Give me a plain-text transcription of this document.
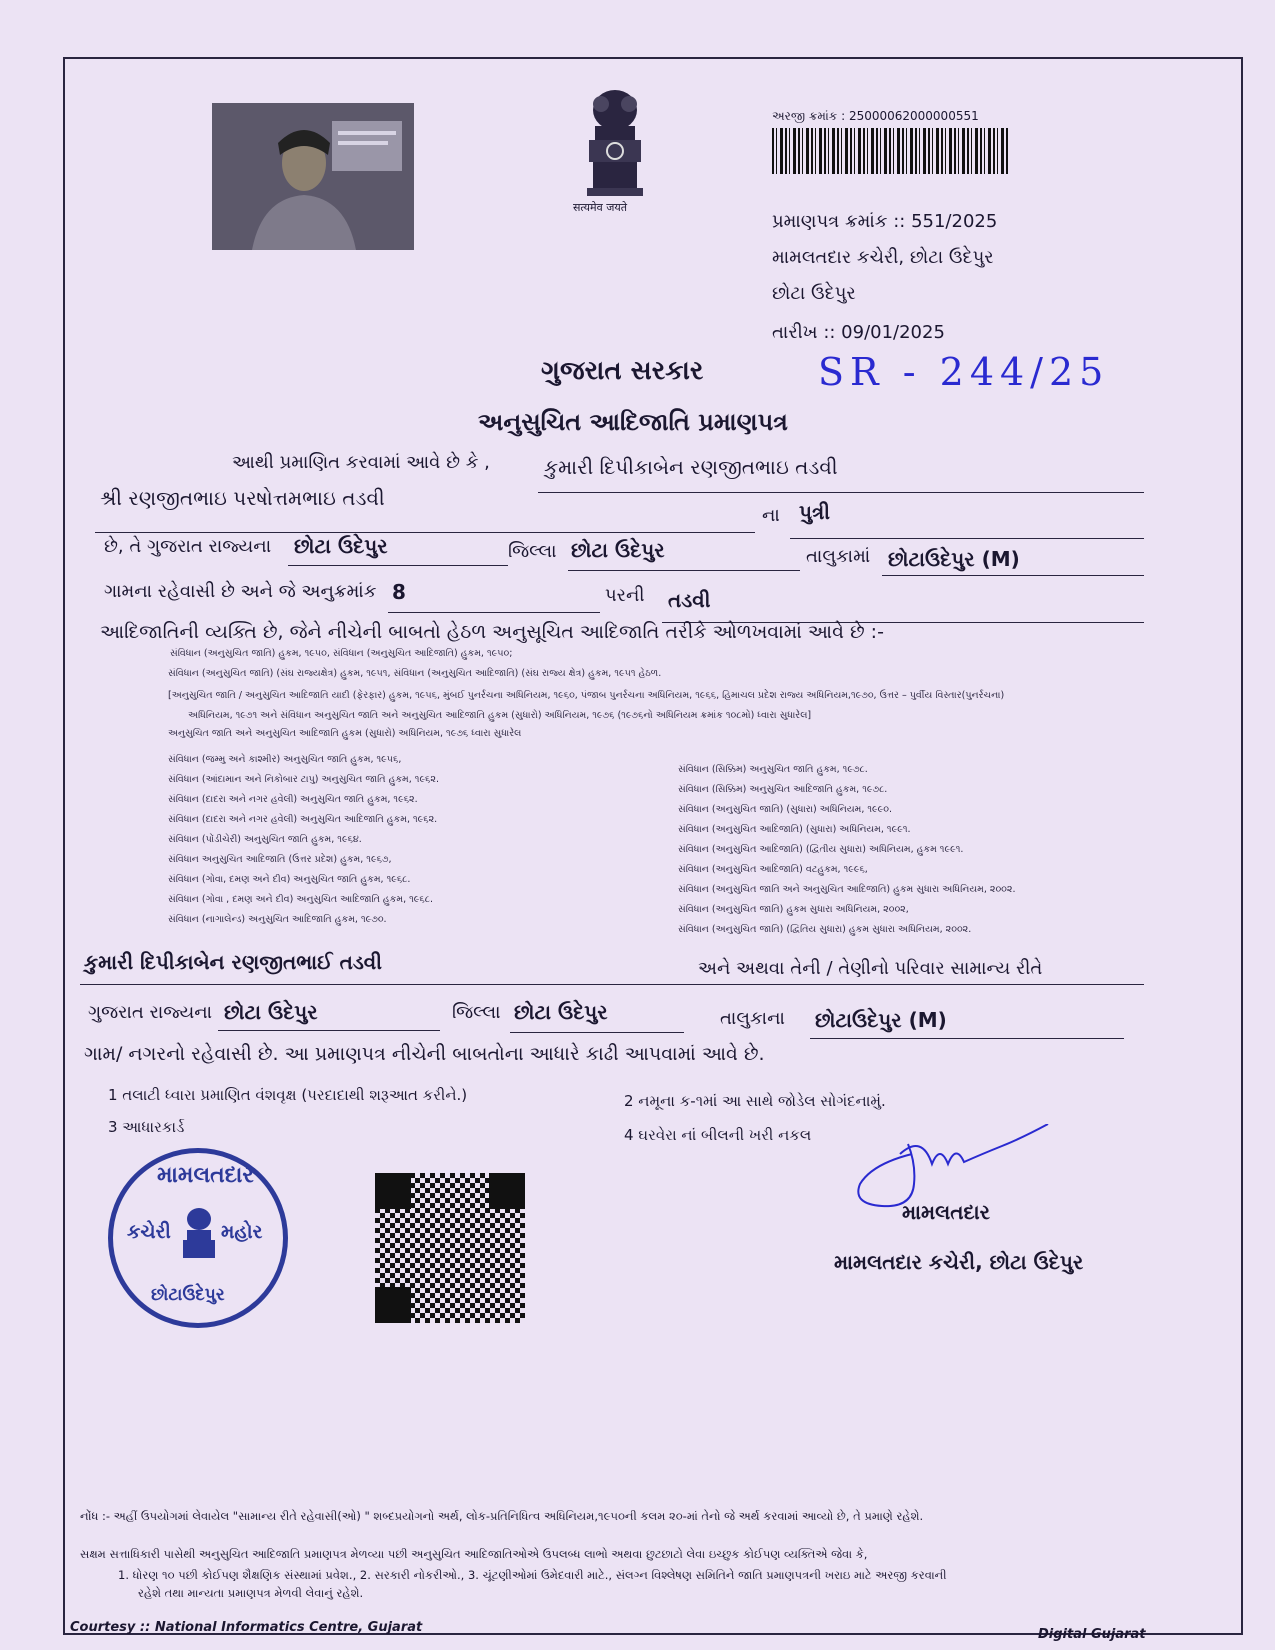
सत्यमेव जयते
અરજી ક્રમાંક : 25000062000000551
પ્રમાણપત્ર ક્રમાંક :: 551/2025
મામલતદાર કચેરી, છોટા ઉદેપુર
છોટા ઉદેપુર
તારીખ :: 09/01/2025
SR - 244/25
ગુજરાત સરકાર
અનુસુચિત આદિજાતિ પ્રમાણપત્ર
આથી પ્રમાણિત કરવામાં આવે છે કે ,	કુમારી દિપીકાબેન રણજીતભાઇ તડવી
શ્રી રણજીતભાઇ પરષોત્તમભાઇ તડવી
ના પુત્રી
છે, તે ગુજરાત રાજ્યના છોટા ઉદેપુર	જિલ્લા છોટા ઉદેપુર	તાલુકામાં છોટાઉદેપુર (M)
ગામના રહેવાસી છે અને જે અનુક્રમાંક 8	પરની તડવી
આદિજાતિની વ્યક્તિ છે, જેને નીચેની બાબતો હેઠળ અનુસૂચિત આદિજાતિ તરીકે ઓળખવામાં આવે છે :-
સંવિધાન (અનુસુચિત જાતિ) હુકમ, ૧૯૫૦, સંવિધાન (અનુસુચિત આદિજાતિ) હુકમ, ૧૯૫૦;
સંવિધાન (અનુસુચિત જાતિ) (સંઘ રાજ્યક્ષેત્ર) હુકમ, ૧૯૫૧, સંવિધાન (અનુસુચિત આદિજાતિ) (સંઘ રાજ્ય ક્ષેત્ર) હુકમ, ૧૯૫૧ હેઠળ.
[અનુસુચિત જાતિ / અનુસુચિત આદિજાતિ યાદી (ફેરફાર) હુકમ, ૧૯૫૬, મુંબઈ પુનર્રચના અધિનિયમ, ૧૯૬૦, પંજાબ પુનર્રચના અધિનિયમ, ૧૯૬૬, હિમાચલ પ્રદેશ રાજ્ય અધિનિયમ,૧૯૭૦, ઉત્તર – પુર્વીય વિસ્તાર(પુનર્રચના)
અધિનિયમ, ૧૯૭૧ અને સંવિધાન અનુસુચિત જાતિ અને અનુસુચિત આદિજાતિ હુકમ (સુધારો) અધિનિયમ, ૧૯૭૬ (૧૯૭૬નો અધિનિયમ ક્રમાંક ૧૦૮મો) ધ્વારા સુધારેલ]
અનુસુચિત જાતિ અને અનુસુચિત આદિજાતિ હુકમ (સુધારો) અધિનિયમ, ૧૯૭૬ ધ્વારા સુધારેલ
સંવિધાન (જમ્મુ અને કાશ્મીર) અનુસુચિત જાતિ હુકમ, ૧૯૫૬,
સંવિધાન (આંદામાન અને નિકોબાર ટાપુ) અનુસુચિત જાતિ હુકમ, ૧૯૬૨.
સંવિધાન (દાદરા અને નગર હવેલી) અનુસુચિત જાતિ હુકમ, ૧૯૬૨.
સંવિધાન (દાદરા અને નગર હવેલી) અનુસુચિત આદિજાતિ હુકમ, ૧૯૬૨.
સંવિધાન (પોંડીચેરી) અનુસુચિત જાતિ હુકમ, ૧૯૬૪.
સંવિધાન અનુસુચિત આદિજાતિ (ઉત્તર પ્રદેશ) હુકમ, ૧૯૬૭,
સંવિધાન (ગોવા, દમણ અને દીવ) અનુસુચિત જાતિ હુકમ, ૧૯૬૮.
સંવિધાન (ગોવા , દમણ અને દીવ) અનુસુચિત આદિજાતિ હુકમ, ૧૯૬૮.
સંવિધાન (નાગાલેન્ડ) અનુસુચિત આદિજાતિ હુકમ, ૧૯૭૦.
સંવિધાન (સિક્કિમ) અનુસુચિત જાતિ હુકમ, ૧૯૭૮.
સંવિધાન (સિક્કિમ) અનુસુચિત આદિજાતિ હુકમ, ૧૯૭૮.
સંવિધાન (અનુસુચિત જાતિ) (સુધારા) અધિનિયમ, ૧૯૯૦.
સંવિધાન (અનુસુચિત આદિજાતિ) (સુધારા) અધિનિયમ, ૧૯૯૧.
સંવિધાન (અનુસુચિત આદિજાતિ) (દ્વિતીય સુધારા) અધિનિયમ, હુકમ ૧૯૯૧.
સંવિધાન (અનુસુચિત આદિજાતિ) વટહુકમ, ૧૯૯૬,
સંવિધાન (અનુસુચિત જાતિ અને અનુસુચિત આદિજાતિ) હુકમ સુધારા અધિનિયમ, ૨૦૦૨.
સંવિધાન (અનુસુચિત જાતિ) હુકમ સુધારા અધિનિયમ, ૨૦૦૨,
સંવિધાન (અનુસુચિત જાતિ) (દ્વિતિય સુધારા) હુકમ સુધારા અધિનિયમ, ૨૦૦૨.
કુમારી દિપીકાબેન રણજીતભાઈ તડવી	અને અથવા તેની / તેણીનો પરિવાર સામાન્ય રીતે
ગુજરાત રાજ્યના છોટા ઉદેપુર	જિલ્લા છોટા ઉદેપુર	તાલુકાના છોટાઉદેપુર (M)
ગામ/ નગરનો રહેવાસી છે. આ પ્રમાણપત્ર નીચેની બાબતોના આધારે કાઢી આપવામાં આવે છે.
1 તલાટી ધ્વારા પ્રમાણિત વંશવૃક્ષ (પરદાદાથી શરૂઆત કરીને.)	2 નમૂના ક-૧માં આ સાથે જોડેલ સોગંદનામું.
3 આધારકાર્ડ	4 ઘરવેરા નાં બીલની ખરી નકલ
મામલતદાર
કચેરી	મહોર
છોટાઉદેપુર
મામલતદાર
મામલતદાર કચેરી, છોટા ઉદેપુર
નોંધ :- અહીં ઉપયોગમાં લેવાયેલ "સામાન્ય રીતે રહેવાસી(ઓ) " શબ્દપ્રયોગનો અર્થ, લોક-પ્રતિનિધિત્વ અધિનિયમ,૧૯૫૦ની કલમ ૨૦-માં તેનો જે અર્થ કરવામાં આવ્યો છે, તે પ્રમાણે રહેશે.
સક્ષમ સત્તાધિકારી પાસેથી અનુસુચિત આદિજાતિ પ્રમાણપત્ર મેળવ્યા પછી અનુસુચિત આદિજાતિઓએ ઉપલબ્ધ લાભો અથવા છુટછાટો લેવા ઇચ્છુક કોઈપણ વ્યક્તિએ જેવા કે,
1. ધોરણ ૧૦ પછી કોઈપણ શૈક્ષણિક સંસ્થામાં પ્રવેશ., 2. સરકારી નોકરીઓ., 3. ચૂંટણીઓમાં ઉમેદવારી માટે., સંલગ્ન વિશ્લેષણ સમિતિને જાતિ પ્રમાણપત્રની ખરાઇ માટે અરજી કરવાની
રહેશે તથા માન્યતા પ્રમાણપત્ર મેળવી લેવાનું રહેશે.
Courtesy :: National Informatics Centre, Gujarat	Digital Gujarat
